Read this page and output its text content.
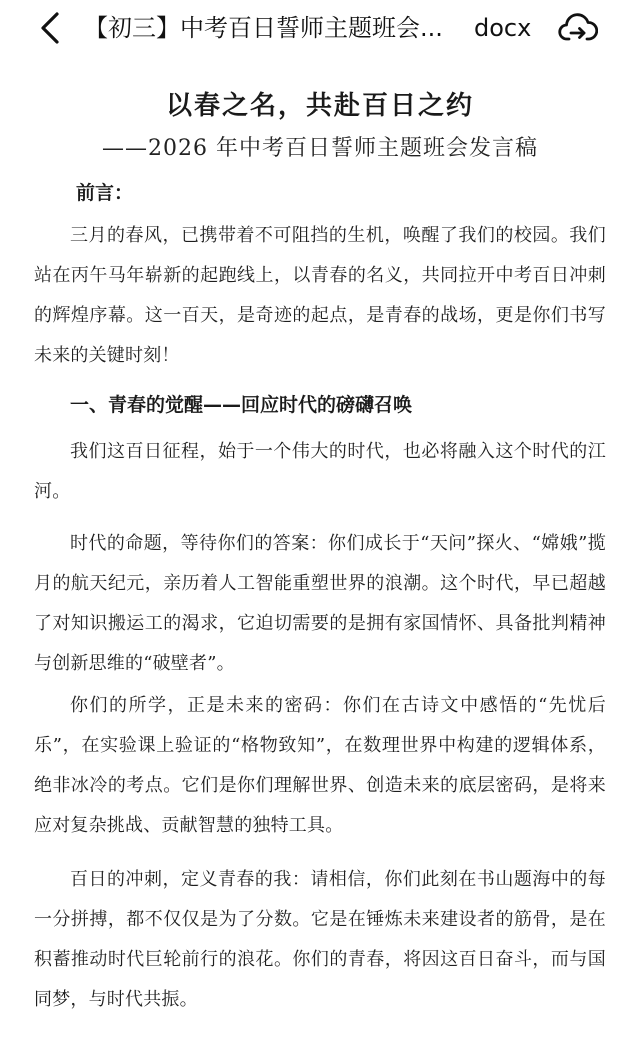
【初三】中考百日誓师主题班会...	docx
以春之名，共赴百日之约
——2026 年中考百日誓师主题班会发言稿
前言：
三月的春风，已携带着不可阻挡的生机，唤醒了我们的校园。我们站在丙午马年崭新的起跑线上，以青春的名义，共同拉开中考百日冲刺的辉煌序幕。这一百天，是奇迹的起点，是青春的战场，更是你们书写未来的关键时刻！
一、青春的觉醒——回应时代的磅礴召唤
我们这百日征程，始于一个伟大的时代，也必将融入这个时代的江河。
时代的命题，等待你们的答案：你们成长于“天问”探火、“嫦娥”揽月的航天纪元，亲历着人工智能重塑世界的浪潮。这个时代，早已超越了对知识搬运工的渴求，它迫切需要的是拥有家国情怀、具备批判精神与创新思维的“破壁者”。
你们的所学，正是未来的密码：你们在古诗文中感悟的“先忧后乐”，在实验课上验证的“格物致知”，在数理世界中构建的逻辑体系，绝非冰冷的考点。它们是你们理解世界、创造未来的底层密码，是将来应对复杂挑战、贡献智慧的独特工具。
百日的冲刺，定义青春的我：请相信，你们此刻在书山题海中的每一分拼搏，都不仅仅是为了分数。它是在锤炼未来建设者的筋骨，是在积蓄推动时代巨轮前行的浪花。你们的青春，将因这百日奋斗，而与国同梦，与时代共振。
